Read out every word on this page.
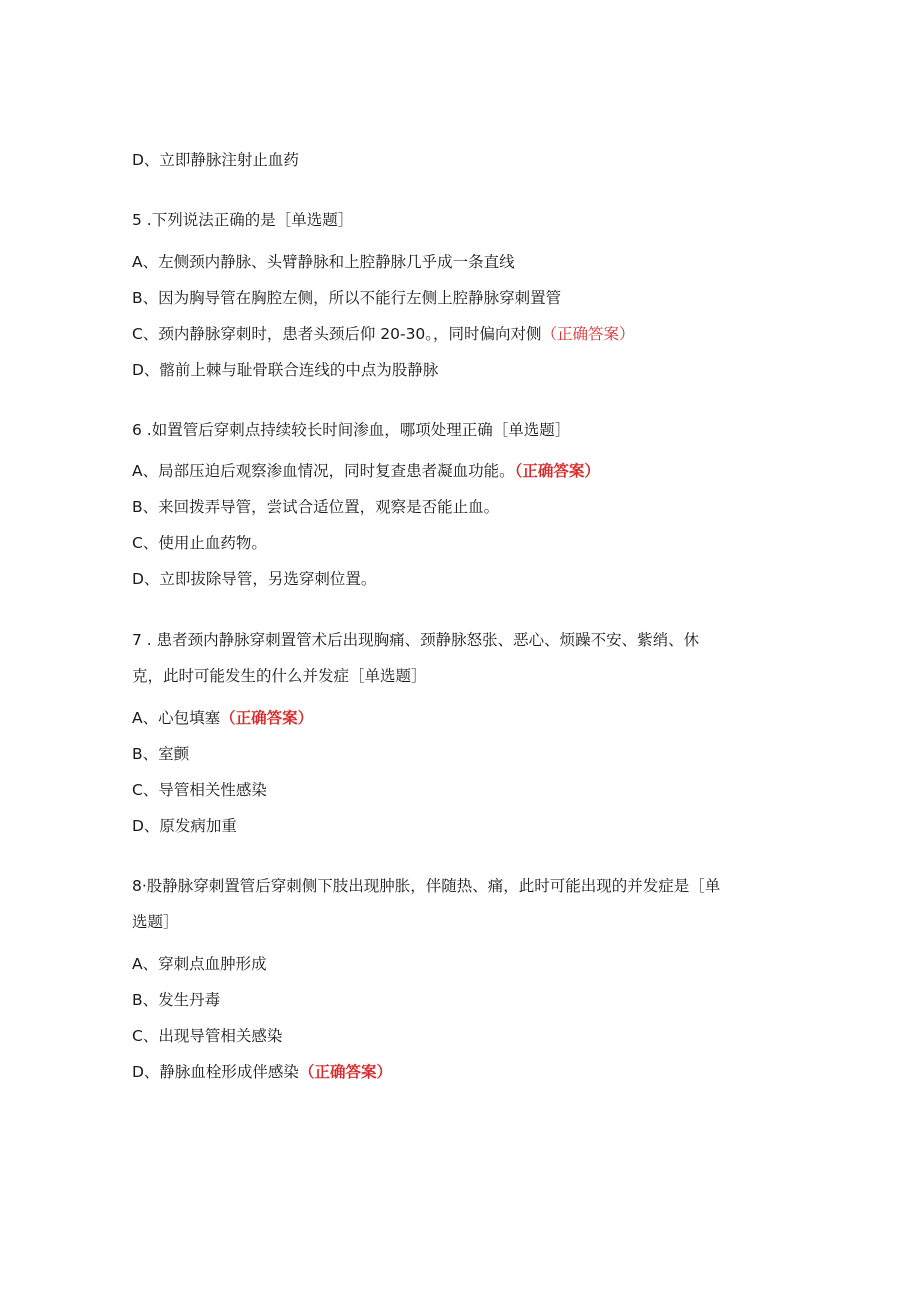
D、立即静脉注射止血药
5 .下列说法正确的是［单选题］
A、左侧颈内静脉、头臂静脉和上腔静脉几乎成一条直线
B、因为胸导管在胸腔左侧，所以不能行左侧上腔静脉穿刺置管
C、颈内静脉穿刺时，患者头颈后仰 20-30。，同时偏向对侧（正确答案）
D、髂前上棘与耻骨联合连线的中点为股静脉
6 .如置管后穿刺点持续较长时间渗血，哪项处理正确［单选题］
A、局部压迫后观察渗血情况，同时复查患者凝血功能。（正确答案）
B、来回拨弄导管，尝试合适位置，观察是否能止血。
C、使用止血药物。
D、立即拔除导管，另选穿刺位置。
7 . 患者颈内静脉穿刺置管术后出现胸痛、颈静脉怒张、恶心、烦躁不安、紫绡、休
克，此时可能发生的什么并发症［单选题］
A、心包填塞（正确答案）
B、室颤
C、导管相关性感染
D、原发病加重
8·股静脉穿刺置管后穿刺侧下肢出现肿胀，伴随热、痛，此时可能出现的并发症是［单
选题］
A、穿刺点血肿形成
B、发生丹毒
C、出现导管相关感染
D、静脉血栓形成伴感染（正确答案）
